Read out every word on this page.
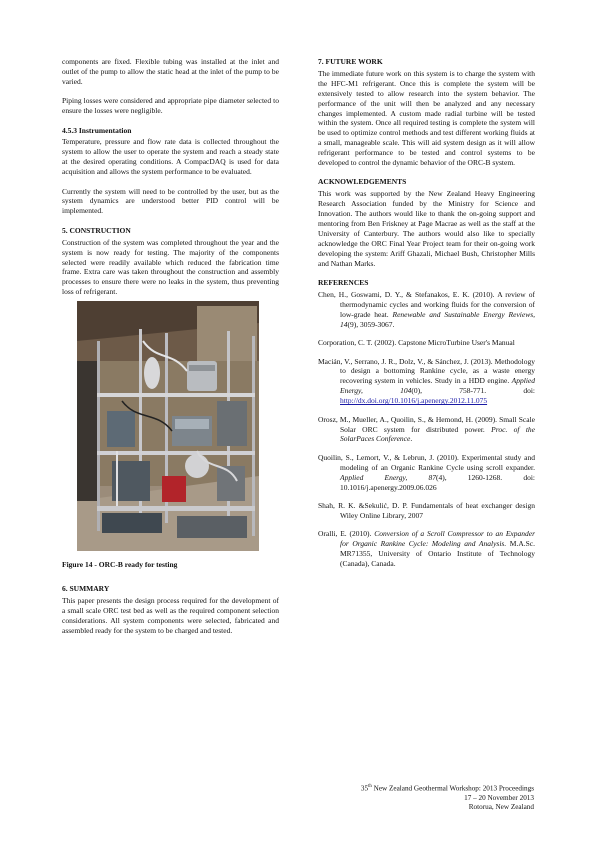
components are fixed. Flexible tubing was installed at the inlet and outlet of the pump to allow the static head at the inlet of the pump to be varied.

Piping losses were considered and appropriate pipe diameter selected to ensure the losses were negligible.

4.5.3 Instrumentation

Temperature, pressure and flow rate data is collected throughout the system to allow the user to operate the system and reach a steady state at the desired operating conditions. A CompacDAQ is used for data acquisition and allows the system performance to be evaluated.

Currently the system will need to be controlled by the user, but as the system dynamics are understood better PID control will be implemented.

5. CONSTRUCTION

Construction of the system was completed throughout the year and the system is now ready for testing. The majority of the components selected were readily available which reduced the fabrication time frame. Extra care was taken throughout the construction and assembly processes to ensure there were no leaks in the system, thus preventing loss of refrigerant.

Figure 14 - ORC-B ready for testing

6. SUMMARY

This paper presents the design process required for the development of a small scale ORC test bed as well as the required component selection considerations. All system components were selected, fabricated and assembled ready for the system to be charged and tested.

7. FUTURE WORK

The immediate future work on this system is to charge the system with the HFC-M1 refrigerant. Once this is complete the system will be extensively tested to allow research into the system behavior. The performance of the unit will then be analyzed and any necessary changes implemented. A custom made radial turbine will be tested within the system. Once all required testing is complete the system will be used to optimize control methods and test different working fluids at a small, manageable scale. This will aid system design as it will allow refrigerant performance to be tested and control systems to be developed to control the dynamic behavior of the ORC-B system.

ACKNOWLEDGEMENTS

This work was supported by the New Zealand Heavy Engineering Research Association funded by the Ministry for Science and Innovation. The authors would like to thank the on-going support and mentoring from Ben Friskney at Page Macrae as well as the staff at the University of Canterbury. The authors would also like to specially acknowledge the ORC Final Year Project team for their on-going work developing the system: Ariff Ghazali, Michael Bush, Christopher Mills and Nathan Marks.

REFERENCES

Chen, H., Goswami, D. Y., & Stefanakos, E. K. (2010). A review of thermodynamic cycles and working fluids for the conversion of low-grade heat. Renewable and Sustainable Energy Reviews, 14(9), 3059-3067.

Corporation, C. T. (2002). Capstone MicroTurbine User's Manual

Macián, V., Serrano, J. R., Dolz, V., & Sánchez, J. (2013). Methodology to design a bottoming Rankine cycle, as a waste energy recovering system in vehicles. Study in a HDD engine. Applied Energy, 104(0), 758-771. doi: http://dx.doi.org/10.1016/j.apenergy.2012.11.075

Orosz, M., Mueller, A., Quoilin, S., & Hemond, H. (2009). Small Scale Solar ORC system for distributed power. Proc. of the SolarPaces Conference.

Quoilin, S., Lemort, V., & Lebrun, J. (2010). Experimental study and modeling of an Organic Rankine Cycle using scroll expander. Applied Energy, 87(4), 1260-1268. doi: 10.1016/j.apenergy.2009.06.026

Shah, R. K. &Sekulić, D. P. Fundamentals of heat exchanger design Wiley Online Library, 2007

Oralli, E. (2010). Conversion of a Scroll Compressor to an Expander for Organic Rankine Cycle: Modeling and Analysis. M.A.Sc. MR71355, University of Ontario Institute of Technology (Canada), Canada.

35th New Zealand Geothermal Workshop: 2013 Proceedings
17 – 20 November 2013
Rotorua, New Zealand
